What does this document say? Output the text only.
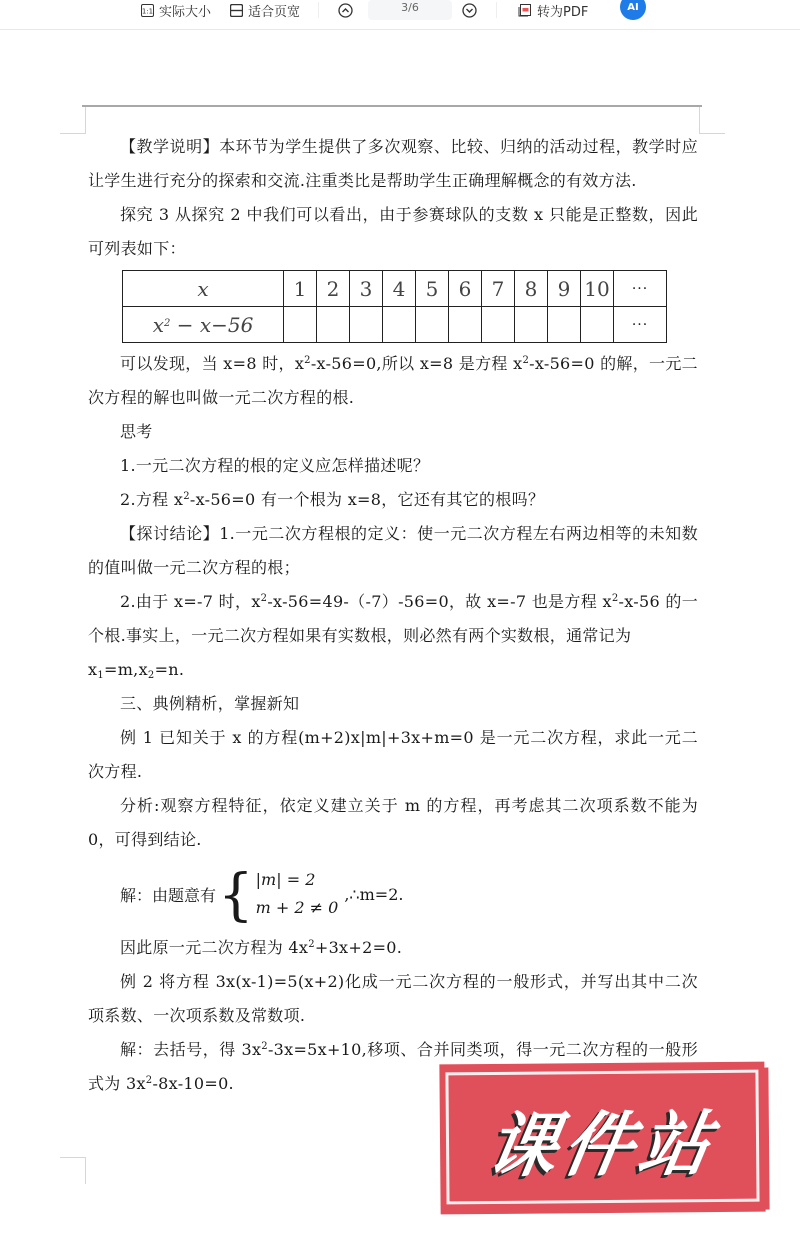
1:1 实际大小	适合页宽	3/6	转为PDF	AI

【教学说明】本环节为学生提供了多次观察、比较、归纳的活动过程，教学时应让学生进行充分的探索和交流.注重类比是帮助学生正确理解概念的有效方法.

探究 3 从探究 2 中我们可以看出，由于参赛球队的支数 x 只能是正整数，因此可列表如下：

x	1	2	3	4	5	6	7	8	9	10	···
$x^2 - x-56$											···

可以发现，当 x=8 时，$x^2-x-56=0$,所以 x=8 是方程 $x^2-x-56=0$ 的解，一元二次方程的解也叫做一元二次方程的根.

思考

1.一元二次方程的根的定义应怎样描述呢？

2.方程 $x^2-x-56=0$ 有一个根为 x=8，它还有其它的根吗？

【探讨结论】1.一元二次方程根的定义：使一元二次方程左右两边相等的未知数的值叫做一元二次方程的根；

2.由于 x=-7 时，$x^2-x-56=49-(-7)-56=0$，故 x=-7 也是方程 $x^2-x-56$ 的一个根.事实上，一元二次方程如果有实数根，则必然有两个实数根，通常记为

$x_1=m,x_2=n$.

三、典例精析，掌握新知

例 1 已知关于 x 的方程(m+2)x|m|+3x+m=0 是一元二次方程，求此一元二次方程.

分析:观察方程特征，依定义建立关于 m 的方程，再考虑其二次项系数不能为 0，可得到结论.

解：由题意有 { |m| = 2
m + 2 ≠ 0
,∴m=2.

因此原一元二次方程为 $4x^2+3x+2=0$.

例 2 将方程 3x(x-1)=5(x+2)化成一元二次方程的一般形式，并写出其中二次项系数、一次项系数及常数项.

解：去括号，得 $3x^2-3x=5x+10$,移项、合并同类项，得一元二次方程的一般形式为 $3x^2-8x-10=0$.

课件站
